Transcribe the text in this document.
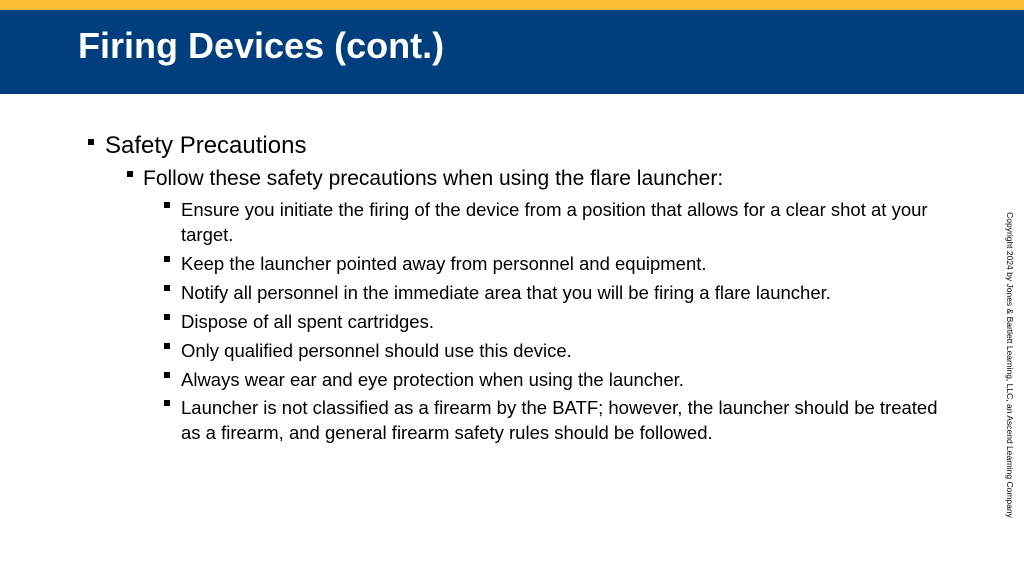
Firing Devices (cont.)
Safety Precautions
Follow these safety precautions when using the flare launcher:
Ensure you initiate the firing of the device from a position that allows for a clear shot at your target.
Keep the launcher pointed away from personnel and equipment.
Notify all personnel in the immediate area that you will be firing a flare launcher.
Dispose of all spent cartridges.
Only qualified personnel should use this device.
Always wear ear and eye protection when using the launcher.
Launcher is not classified as a firearm by the BATF; however, the launcher should be treated as a firearm, and general firearm safety rules should be followed.	Copyright 2024 by Jones & Bartlett Learning, LLC, an Ascend Learning Company
